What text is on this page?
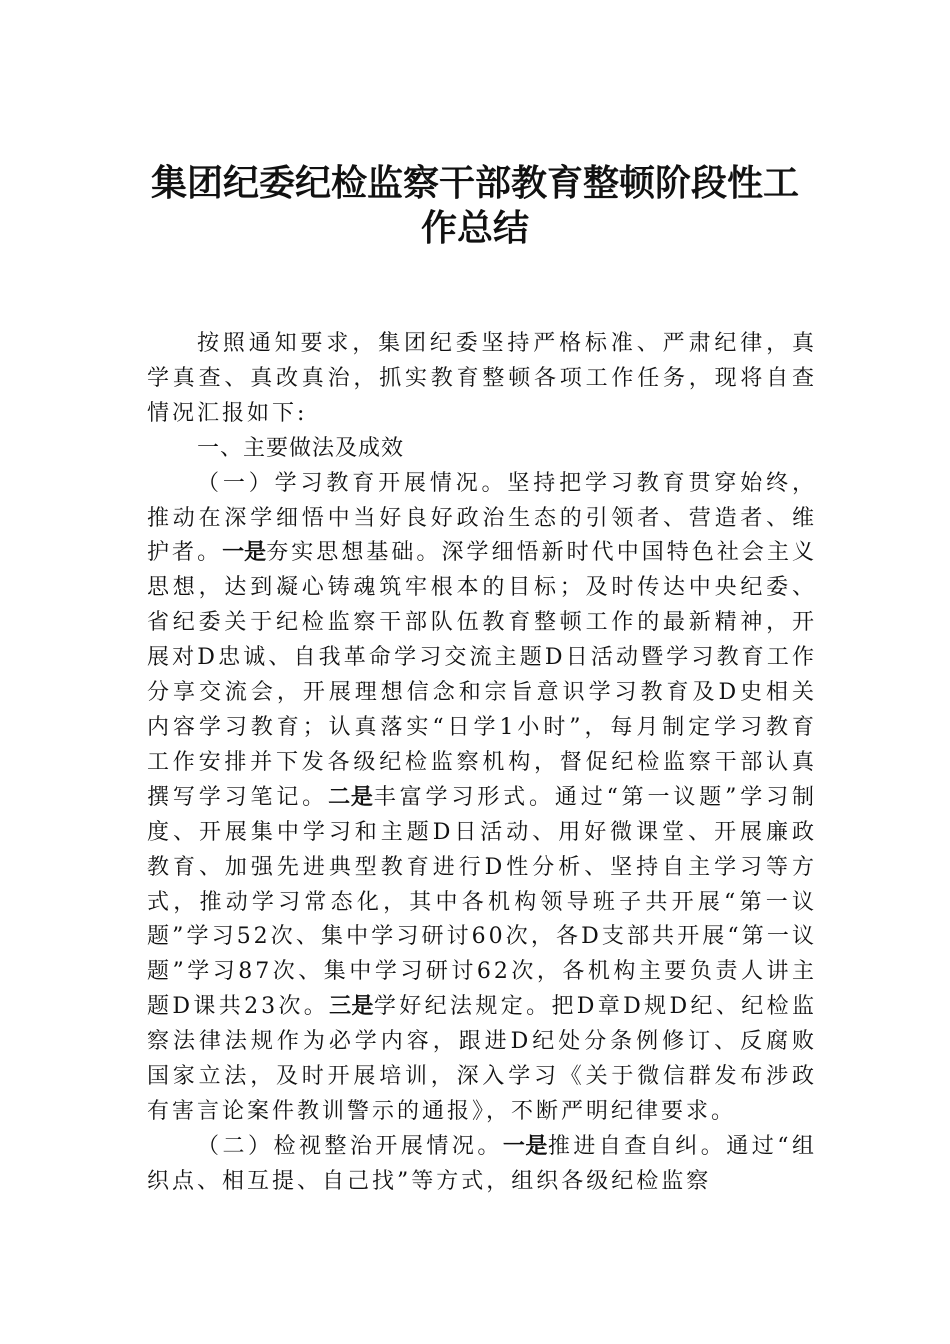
集团纪委纪检监察干部教育整顿阶段性工
作总结

按照通知要求，集团纪委坚持严格标准、严肃纪律，真学真查、真改真治，抓实教育整顿各项工作任务，现将自查情况汇报如下:

一、主要做法及成效

（一）学习教育开展情况。坚持把学习教育贯穿始终，推动在深学细悟中当好良好政治生态的引领者、营造者、维护者。一是夯实思想基础。深学细悟新时代中国特色社会主义思想，达到凝心铸魂筑牢根本的目标；及时传达中央纪委、省纪委关于纪检监察干部队伍教育整顿工作的最新精神，开展对D忠诚、自我革命学习交流主题D日活动暨学习教育工作分享交流会，开展理想信念和宗旨意识学习教育及D史相关内容学习教育；认真落实“日学1小时”，每月制定学习教育工作安排并下发各级纪检监察机构，督促纪检监察干部认真撰写学习笔记。二是丰富学习形式。通过“第一议题”学习制度、开展集中学习和主题D日活动、用好微课堂、开展廉政教育、加强先进典型教育进行D性分析、坚持自主学习等方式，推动学习常态化，其中各机构领导班子共开展“第一议题”学习52次、集中学习研讨60次，各D支部共开展“第一议题”学习87次、集中学习研讨62次，各机构主要负责人讲主题D课共23次。三是学好纪法规定。把D章D规D纪、纪检监察法律法规作为必学内容，跟进D纪处分条例修订、反腐败国家立法，及时开展培训，深入学习《关于微信群发布涉政有害言论案件教训警示的通报》，不断严明纪律要求。

（二）检视整治开展情况。一是推进自查自纠。通过“组织点、相互提、自己找”等方式，组织各级纪检监察
